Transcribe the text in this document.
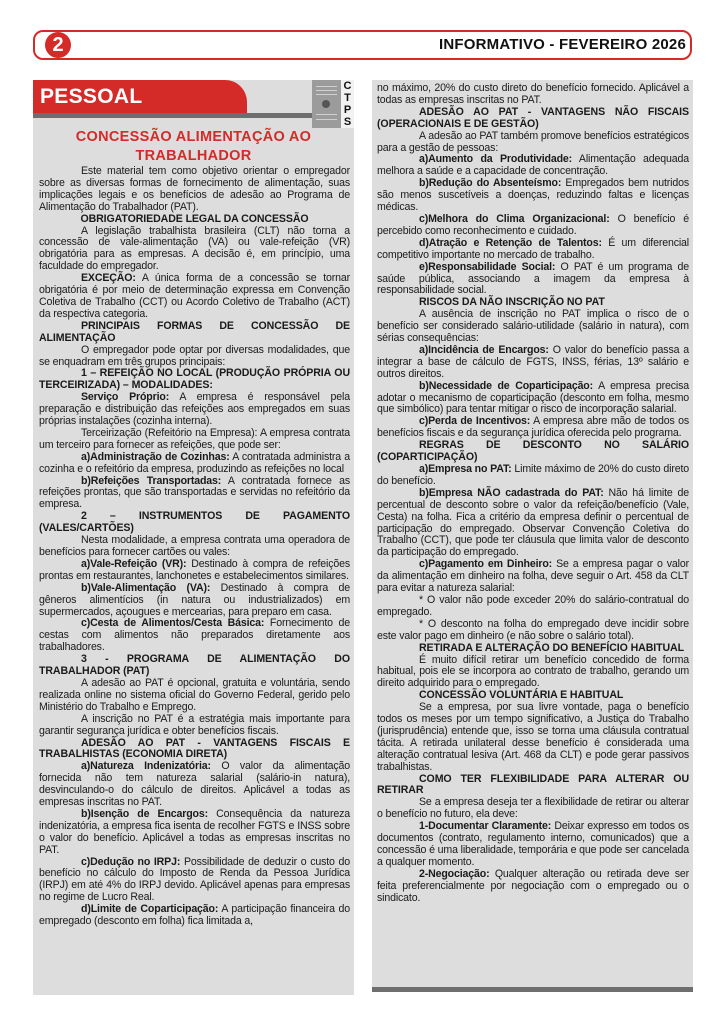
2	INFORMATIVO - FEVEREIRO 2026
PESSOAL	C
T
P
S
CONCESSÃO ALIMENTAÇÃO AO
TRABALHADOR
Este material tem como objetivo orientar o empregador sobre as diversas formas de fornecimento de alimentação, suas implicações legais e os benefícios de adesão ao Programa de Alimentação do Trabalhador (PAT).
OBRIGATORIEDADE LEGAL DA CONCESSÃO
A legislação trabalhista brasileira (CLT) não torna a concessão de vale-alimentação (VA) ou vale-refeição (VR) obrigatória para as empresas. A decisão é, em princípio, uma faculdade do empregador.
EXCEÇÃO: A única forma de a concessão se tornar obrigatória é por meio de determinação expressa em Convenção Coletiva de Trabalho (CCT) ou Acordo Coletivo de Trabalho (ACT) da respectiva categoria.
PRINCIPAIS FORMAS DE CONCESSÃO DE ALIMENTAÇÃO
O empregador pode optar por diversas modalidades, que se enquadram em três grupos principais:
1 – REFEIÇÃO NO LOCAL (PRODUÇÃO PRÓPRIA OU TERCEIRIZADA) – MODALIDADES:
Serviço Próprio: A empresa é responsável pela preparação e distribuição das refeições aos empregados em suas próprias instalações (cozinha interna).
Terceirização (Refeitório na Empresa): A empresa contrata um terceiro para fornecer as refeições, que pode ser:
a)Administração de Cozinhas: A contratada administra a cozinha e o refeitório da empresa, produzindo as refeições no local
b)Refeições Transportadas: A contratada fornece as refeições prontas, que são transportadas e servidas no refeitório da empresa.
2 – INSTRUMENTOS DE PAGAMENTO (VALES/CARTÕES)
Nesta modalidade, a empresa contrata uma operadora de benefícios para fornecer cartões ou vales:
a)Vale-Refeição (VR): Destinado à compra de refeições prontas em restaurantes, lanchonetes e estabelecimentos similares.
b)Vale-Alimentação (VA): Destinado à compra de gêneros alimentícios (in natura ou industrializados) em supermercados, açougues e mercearias, para preparo em casa.
c)Cesta de Alimentos/Cesta Básica: Fornecimento de cestas com alimentos não preparados diretamente aos trabalhadores.
3 - PROGRAMA DE ALIMENTAÇÃO DO TRABALHADOR (PAT)
A adesão ao PAT é opcional, gratuita e voluntária, sendo realizada online no sistema oficial do Governo Federal, gerido pelo Ministério do Trabalho e Emprego.
A inscrição no PAT é a estratégia mais importante para garantir segurança jurídica e obter benefícios fiscais.
ADESÃO AO PAT - VANTAGENS FISCAIS E TRABALHISTAS (ECONOMIA DIRETA)
a)Natureza Indenizatória: O valor da alimentação fornecida não tem natureza salarial (salário-in natura), desvinculando-o do cálculo de direitos. Aplicável a todas as empresas inscritas no PAT.
b)Isenção de Encargos: Consequência da natureza indenizatória, a empresa fica isenta de recolher FGTS e INSS sobre o valor do benefício. Aplicável a todas as empresas inscritas no PAT.
c)Dedução no IRPJ: Possibilidade de deduzir o custo do benefício no cálculo do Imposto de Renda da Pessoa Jurídica (IRPJ) em até 4% do IRPJ devido. Aplicável apenas para empresas no regime de Lucro Real.
d)Limite de Coparticipação: A participação financeira do empregado (desconto em folha) fica limitada a,
no máximo, 20% do custo direto do benefício fornecido. Aplicável a todas as empresas inscritas no PAT.
ADESÃO AO PAT - VANTAGENS NÃO FISCAIS (OPERACIONAIS E DE GESTÃO)
A adesão ao PAT também promove benefícios estratégicos para a gestão de pessoas:
a)Aumento da Produtividade: Alimentação adequada melhora a saúde e a capacidade de concentração.
b)Redução do Absenteísmo: Empregados bem nutridos são menos suscetíveis a doenças, reduzindo faltas e licenças médicas.
c)Melhora do Clima Organizacional: O benefício é percebido como reconhecimento e cuidado.
d)Atração e Retenção de Talentos: É um diferencial competitivo importante no mercado de trabalho.
e)Responsabilidade Social: O PAT é um programa de saúde pública, associando a imagem da empresa à responsabilidade social.
RISCOS DA NÃO INSCRIÇÃO NO PAT
A ausência de inscrição no PAT implica o risco de o benefício ser considerado salário-utilidade (salário in natura), com sérias consequências:
a)Incidência de Encargos: O valor do benefício passa a integrar a base de cálculo de FGTS, INSS, férias, 13º salário e outros direitos.
b)Necessidade de Coparticipação: A empresa precisa adotar o mecanismo de coparticipação (desconto em folha, mesmo que simbólico) para tentar mitigar o risco de incorporação salarial.
c)Perda de Incentivos: A empresa abre mão de todos os benefícios fiscais e da segurança jurídica oferecida pelo programa.
REGRAS DE DESCONTO NO SALÁRIO (COPARTICIPAÇÃO)
a)Empresa no PAT: Limite máximo de 20% do custo direto do benefício.
b)Empresa NÃO cadastrada do PAT: Não há limite de percentual de desconto sobre o valor da refeição/benefício (Vale, Cesta) na folha. Fica a critério da empresa definir o percentual de participação do empregado. Observar Convenção Coletiva do Trabalho (CCT), que pode ter cláusula que limita valor de desconto da participação do empregado.
c)Pagamento em Dinheiro: Se a empresa pagar o valor da alimentação em dinheiro na folha, deve seguir o Art. 458 da CLT para evitar a natureza salarial:
* O valor não pode exceder 20% do salário-contratual do empregado.
* O desconto na folha do empregado deve incidir sobre este valor pago em dinheiro (e não sobre o salário total).
RETIRADA E ALTERAÇÃO DO BENEFÍCIO HABITUAL
É muito difícil retirar um benefício concedido de forma habitual, pois ele se incorpora ao contrato de trabalho, gerando um direito adquirido para o empregado.
CONCESSÃO VOLUNTÁRIA E HABITUAL
Se a empresa, por sua livre vontade, paga o benefício todos os meses por um tempo significativo, a Justiça do Trabalho (jurisprudência) entende que, isso se torna uma cláusula contratual tácita. A retirada unilateral desse benefício é considerada uma alteração contratual lesiva (Art. 468 da CLT) e pode gerar passivos trabalhistas.
COMO TER FLEXIBILIDADE PARA ALTERAR OU RETIRAR
Se a empresa deseja ter a flexibilidade de retirar ou alterar o benefício no futuro, ela deve:
1-Documentar Claramente: Deixar expresso em todos os documentos (contrato, regulamento interno, comunicados) que a concessão é uma liberalidade, temporária e que pode ser cancelada a qualquer momento.
2-Negociação: Qualquer alteração ou retirada deve ser feita preferencialmente por negociação com o empregado ou o sindicato.
